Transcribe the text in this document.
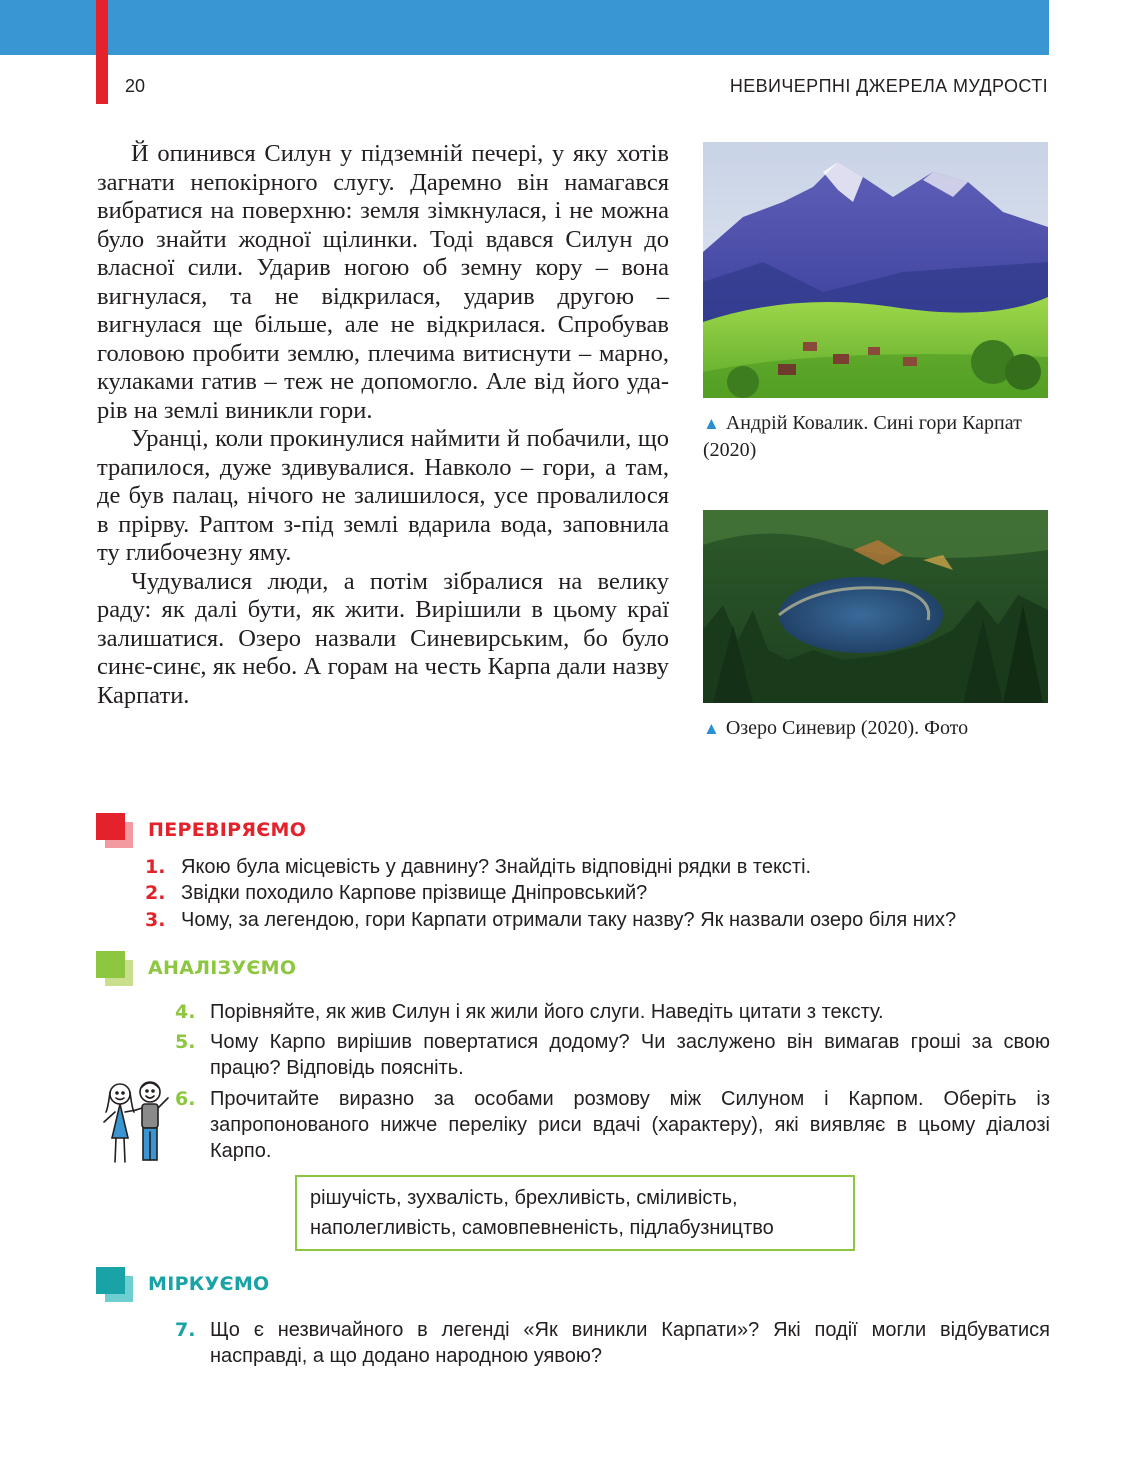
20	НЕВИЧЕРПНІ ДЖЕРЕЛА МУДРОСТІ

Й опинився Силун у підземній печері, у яку хотів загнати непокірного слугу. Даремно він намагався вибратися на поверхню: земля зімкнулася, і не можна було знайти жодної щілинки. Тоді вдався Силун до власної сили. Ударив ногою об земну кору – вона вигнулася, та не відкрилася, ударив другою – вигнулася ще більше, але не відкрилася. Спробував головою пробити землю, плечима витиснути – марно, кулаками гатив – теж не допомогло. Але від його ударів на землі виникли гори.

Уранці, коли прокинулися наймити й побачили, що трапилося, дуже здивувалися. Навколо – гори, а там, де був палац, нічого не залишилося, усе провалилося в прірву. Раптом з-під землі вдарила вода, заповнила ту глибочезну яму.

Чудувалися люди, а потім зібралися на велику раду: як далі бути, як жити. Вирішили в цьому краї залишатися. Озеро назвали Синевирським, бо було синє-синє, як небо. А горам на честь Карпа дали назву Карпати.

▲ Андрій Ковалик. Сині гори Карпат (2020)
▲ Озеро Синевир (2020). Фото
ПЕРЕВІРЯЄМО
1. Якою була місцевість у давнину? Знайдіть відповідні рядки в тексті.
2. Звідки походило Карпове прізвище Дніпровський?
3. Чому, за легендою, гори Карпати отримали таку назву? Як назвали озеро біля них?
АНАЛІЗУЄМО
4. Порівняйте, як жив Силун і як жили його слуги. Наведіть цитати з тексту.
5. Чому Карпо вирішив повертатися додому? Чи заслужено він вимагав гроші за свою працю? Відповідь поясніть.
6. Прочитайте виразно за особами розмову між Силуном і Карпом. Оберіть із запропонованого нижче переліку риси вдачі (характеру), які виявляє в цьому діалозі Карпо.
рішучість, зухвалість, брехливість, сміливість,
наполегливість, самовпевненість, підлабузництво
МІРКУЄМО
7. Що є незвичайного в легенді «Як виникли Карпати»? Які події могли відбуватися насправді, а що додано народною уявою?
